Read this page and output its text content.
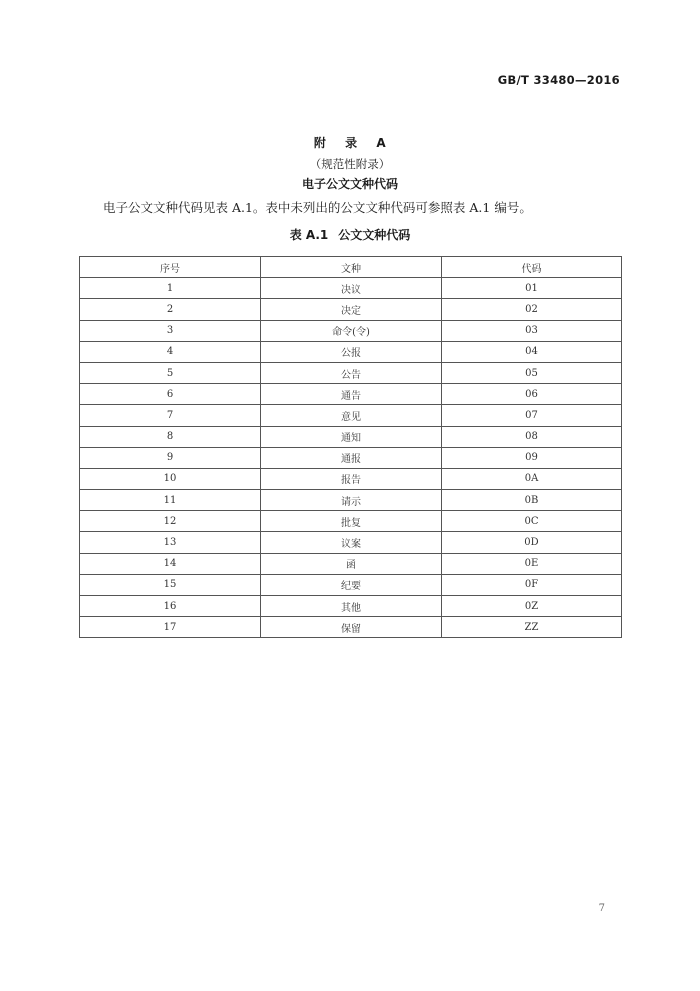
GB/T 33480—2016
附 录 A
（规范性附录）
电子公文文种代码
电子公文文种代码见表 A.1。表中未列出的公文文种代码可参照表 A.1 编号。
表 A.1 公文文种代码
序号	文种	代码
1	决议	01
2	决定	02
3	命令(令)	03
4	公报	04
5	公告	05
6	通告	06
7	意见	07
8	通知	08
9	通报	09
10	报告	0A
11	请示	0B
12	批复	0C
13	议案	0D
14	函	0E
15	纪要	0F
16	其他	0Z
17	保留	ZZ
7
